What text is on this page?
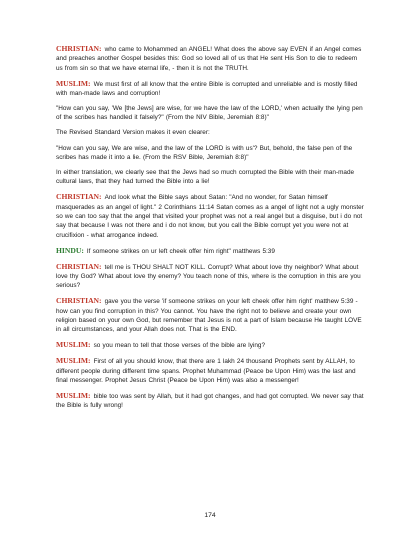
CHRISTIAN: who came to Mohammed an ANGEL! What does the above say EVEN if an Angel comes and preaches another Gospel besides this: God so loved all of us that He sent His Son to die to redeem us from sin so that we have eternal life, - then it is not the TRUTH.

MUSLIM: We must first of all know that the entire Bible is corrupted and unreliable and is mostly filled with man-made laws and corruption!

"How can you say, 'We [the Jews] are wise, for we have the law of the LORD,' when actually the lying pen of the scribes has handled it falsely?" (From the NIV Bible, Jeremiah 8:8)"

The Revised Standard Version makes it even clearer:

"How can you say, We are wise, and the law of the LORD is with us'? But, behold, the false pen of the scribes has made it into a lie. (From the RSV Bible, Jeremiah 8:8)"

In either translation, we clearly see that the Jews had so much corrupted the Bible with their man-made cultural laws, that they had turned the Bible into a lie!

CHRISTIAN: And look what the Bible says about Satan: "And no wonder, for Satan himself masquerades as an angel of light." 2 Corinthians 11:14 Satan comes as a angel of light not a ugly monster so we can too say that the angel that visited your prophet was not a real angel but a disguise, but i do not say that because I was not there and i do not know, but you call the Bible corrupt yet you were not at crucifixion - what arrogance indeed.

HINDU: If someone strikes on ur left cheek offer him right" matthews 5:39

CHRISTIAN: tell me is THOU SHALT NOT KILL. Corrupt? What about love thy neighbor? What about love thy God? What about love thy enemy? You teach none of this, where is the corruption in this are you serious?

CHRISTIAN: gave you the verse 'if someone strikes on your left cheek offer him right' matthew 5:39 - how can you find corruption in this? You cannot. You have the right not to believe and create your own religion based on your own God, but remember that Jesus is not a part of Islam because He taught LOVE in all circumstances, and your Allah does not. That is the END.

MUSLIM: so you mean to tell that those verses of the bible are lying?

MUSLIM: First of all you should know, that there are 1 lakh 24 thousand Prophets sent by ALLAH, to different people during different time spans. Prophet Muhammad (Peace be Upon Him) was the last and final messenger. Prophet Jesus Christ (Peace be Upon Him) was also a messenger!

MUSLIM: bible too was sent by Allah, but it had got changes, and had got corrupted. We never say that the Bible is fully wrong!

174
